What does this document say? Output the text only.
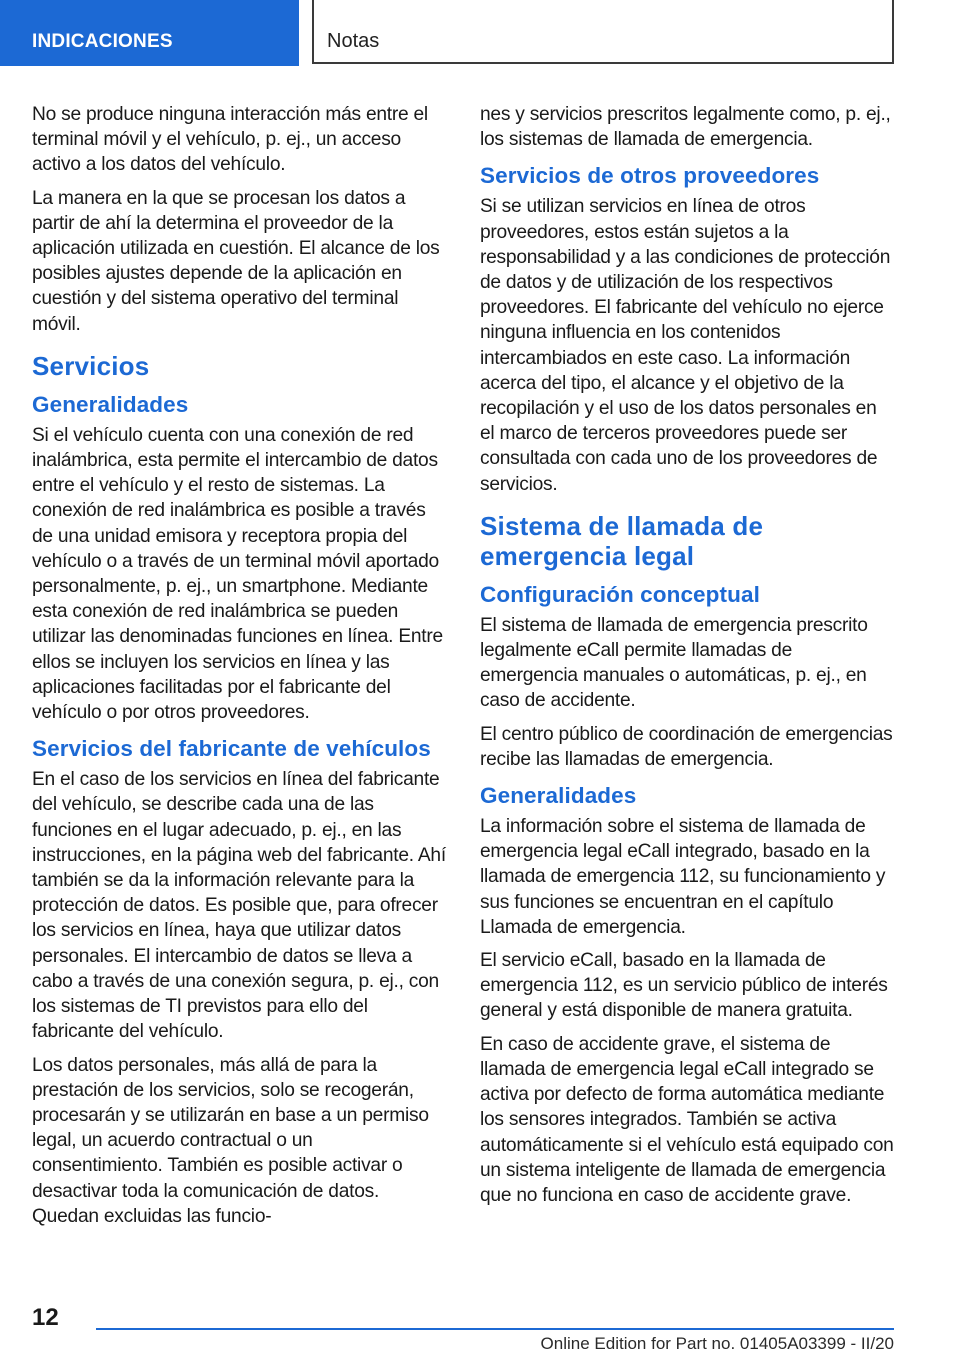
INDICACIONES	Notas

No se produce ninguna interacción más entre el terminal móvil y el vehículo, p. ej., un acceso activo a los datos del vehículo.

La manera en la que se procesan los datos a partir de ahí la determina el proveedor de la aplicación utilizada en cuestión. El alcance de los posibles ajustes depende de la aplicación en cuestión y del sistema operativo del terminal móvil.

Servicios
Generalidades

Si el vehículo cuenta con una conexión de red inalámbrica, esta permite el intercambio de datos entre el vehículo y el resto de sistemas. La conexión de red inalámbrica es posible a través de una unidad emisora y receptora propia del vehículo o a través de un terminal móvil aportado personalmente, p. ej., un smartphone. Mediante esta conexión de red inalámbrica se pueden utilizar las denominadas funciones en línea. Entre ellos se incluyen los servicios en línea y las aplicaciones facilitadas por el fabricante del vehículo o por otros proveedores.

Servicios del fabricante de vehículos

En el caso de los servicios en línea del fabricante del vehículo, se describe cada una de las funciones en el lugar adecuado, p. ej., en las instrucciones, en la página web del fabricante. Ahí también se da la información relevante para la protección de datos. Es posible que, para ofrecer los servicios en línea, haya que utilizar datos personales. El intercambio de datos se lleva a cabo a través de una conexión segura, p. ej., con los sistemas de TI previstos para ello del fabricante del vehículo.

Los datos personales, más allá de para la prestación de los servicios, solo se recogerán, procesarán y se utilizarán en base a un permiso legal, un acuerdo contractual o un consentimiento. También es posible activar o desactivar toda la comunicación de datos. Quedan excluidas las funcio-

nes y servicios prescritos legalmente como, p. ej., los sistemas de llamada de emergencia.

Servicios de otros proveedores

Si se utilizan servicios en línea de otros proveedores, estos están sujetos a la responsabilidad y a las condiciones de protección de datos y de utilización de los respectivos proveedores. El fabricante del vehículo no ejerce ninguna influencia en los contenidos intercambiados en este caso. La información acerca del tipo, el alcance y el objetivo de la recopilación y el uso de los datos personales en el marco de terceros proveedores puede ser consultada con cada uno de los proveedores de servicios.

Sistema de llamada de emergencia legal
Configuración conceptual

El sistema de llamada de emergencia prescrito legalmente eCall permite llamadas de emergencia manuales o automáticas, p. ej., en caso de accidente.

El centro público de coordinación de emergencias recibe las llamadas de emergencia.

Generalidades

La información sobre el sistema de llamada de emergencia legal eCall integrado, basado en la llamada de emergencia 112, su funcionamiento y sus funciones se encuentran en el capítulo Llamada de emergencia.

El servicio eCall, basado en la llamada de emergencia 112, es un servicio público de interés general y está disponible de manera gratuita.

En caso de accidente grave, el sistema de llamada de emergencia legal eCall integrado se activa por defecto de forma automática mediante los sensores integrados. También se activa automáticamente si el vehículo está equipado con un sistema inteligente de llamada de emergencia que no funciona en caso de accidente grave.

12
Online Edition for Part no. 01405A03399 - II/20
